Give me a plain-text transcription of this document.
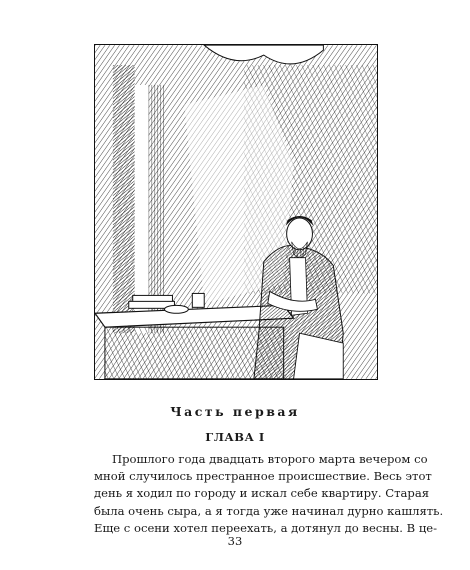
Часть первая
ГЛАВА I

Прошлого года двадцать второго марта вечером со
мной случилось престранное происшествие. Весь этот
день я ходил по городу и искал себе квартиру. Старая
была очень сыра, а я тогда уже начинал дурно кашлять.
Еще с осени хотел переехать, а дотянул до весны. В це-

33
